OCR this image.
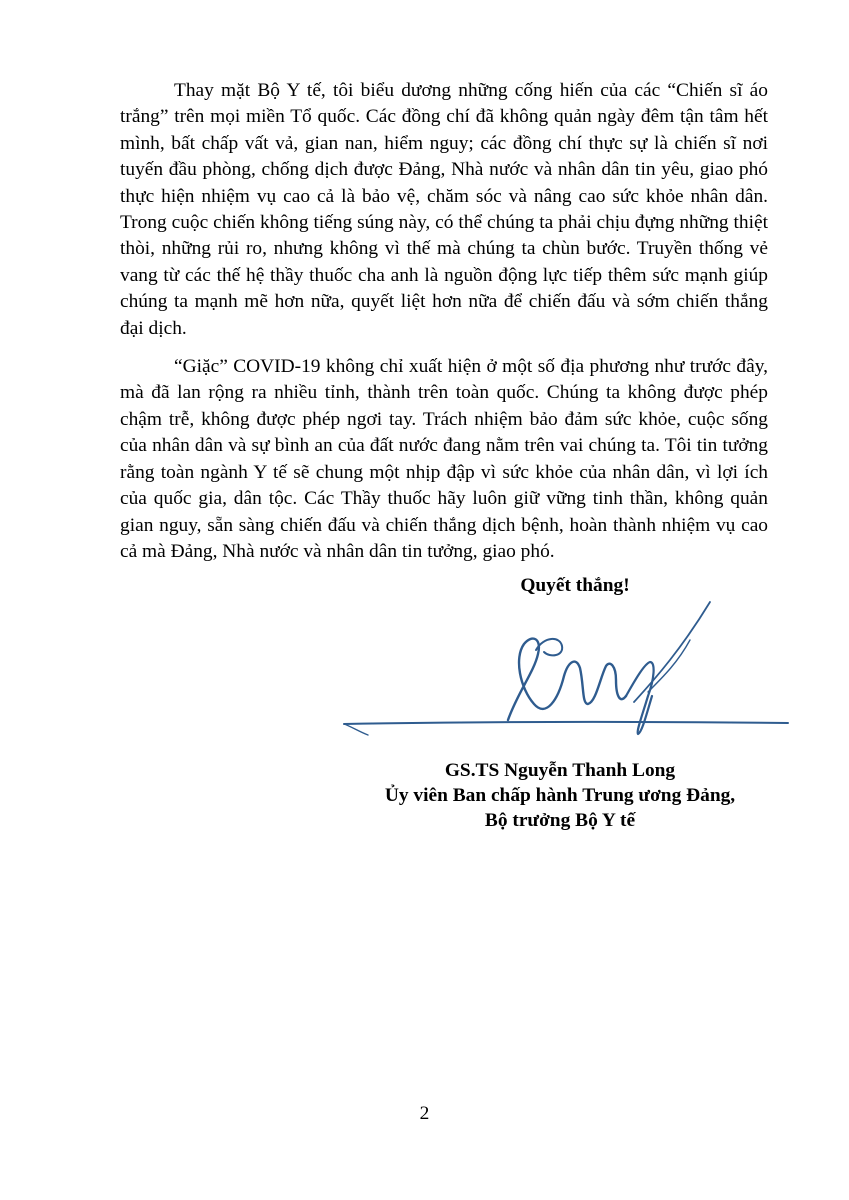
Thay mặt Bộ Y tế, tôi biểu dương những cống hiến của các “Chiến sĩ áo trắng” trên mọi miền Tổ quốc. Các đồng chí đã không quản ngày đêm tận tâm hết mình, bất chấp vất vả, gian nan, hiểm nguy; các đồng chí thực sự là chiến sĩ nơi tuyến đầu phòng, chống dịch được Đảng, Nhà nước và nhân dân tin yêu, giao phó thực hiện nhiệm vụ cao cả là bảo vệ, chăm sóc và nâng cao sức khỏe nhân dân. Trong cuộc chiến không tiếng súng này, có thể chúng ta phải chịu đựng những thiệt thòi, những rủi ro, nhưng không vì thế mà chúng ta chùn bước. Truyền thống vẻ vang từ các thế hệ thầy thuốc cha anh là nguồn động lực tiếp thêm sức mạnh giúp chúng ta mạnh mẽ hơn nữa, quyết liệt hơn nữa để chiến đấu và sớm chiến thắng đại dịch.

“Giặc” COVID-19 không chỉ xuất hiện ở một số địa phương như trước đây, mà đã lan rộng ra nhiều tỉnh, thành trên toàn quốc. Chúng ta không được phép chậm trễ, không được phép ngơi tay. Trách nhiệm bảo đảm sức khỏe, cuộc sống của nhân dân và sự bình an của đất nước đang nằm trên vai chúng ta. Tôi tin tưởng rằng toàn ngành Y tế sẽ chung một nhịp đập vì sức khỏe của nhân dân, vì lợi ích của quốc gia, dân tộc. Các Thầy thuốc hãy luôn giữ vững tinh thần, không quản gian nguy, sẵn sàng chiến đấu và chiến thắng dịch bệnh, hoàn thành nhiệm vụ cao cả mà Đảng, Nhà nước và nhân dân tin tưởng, giao phó.

Quyết thắng!
GS.TS Nguyễn Thanh Long
Ủy viên Ban chấp hành Trung ương Đảng,
Bộ trưởng Bộ Y tế
2
